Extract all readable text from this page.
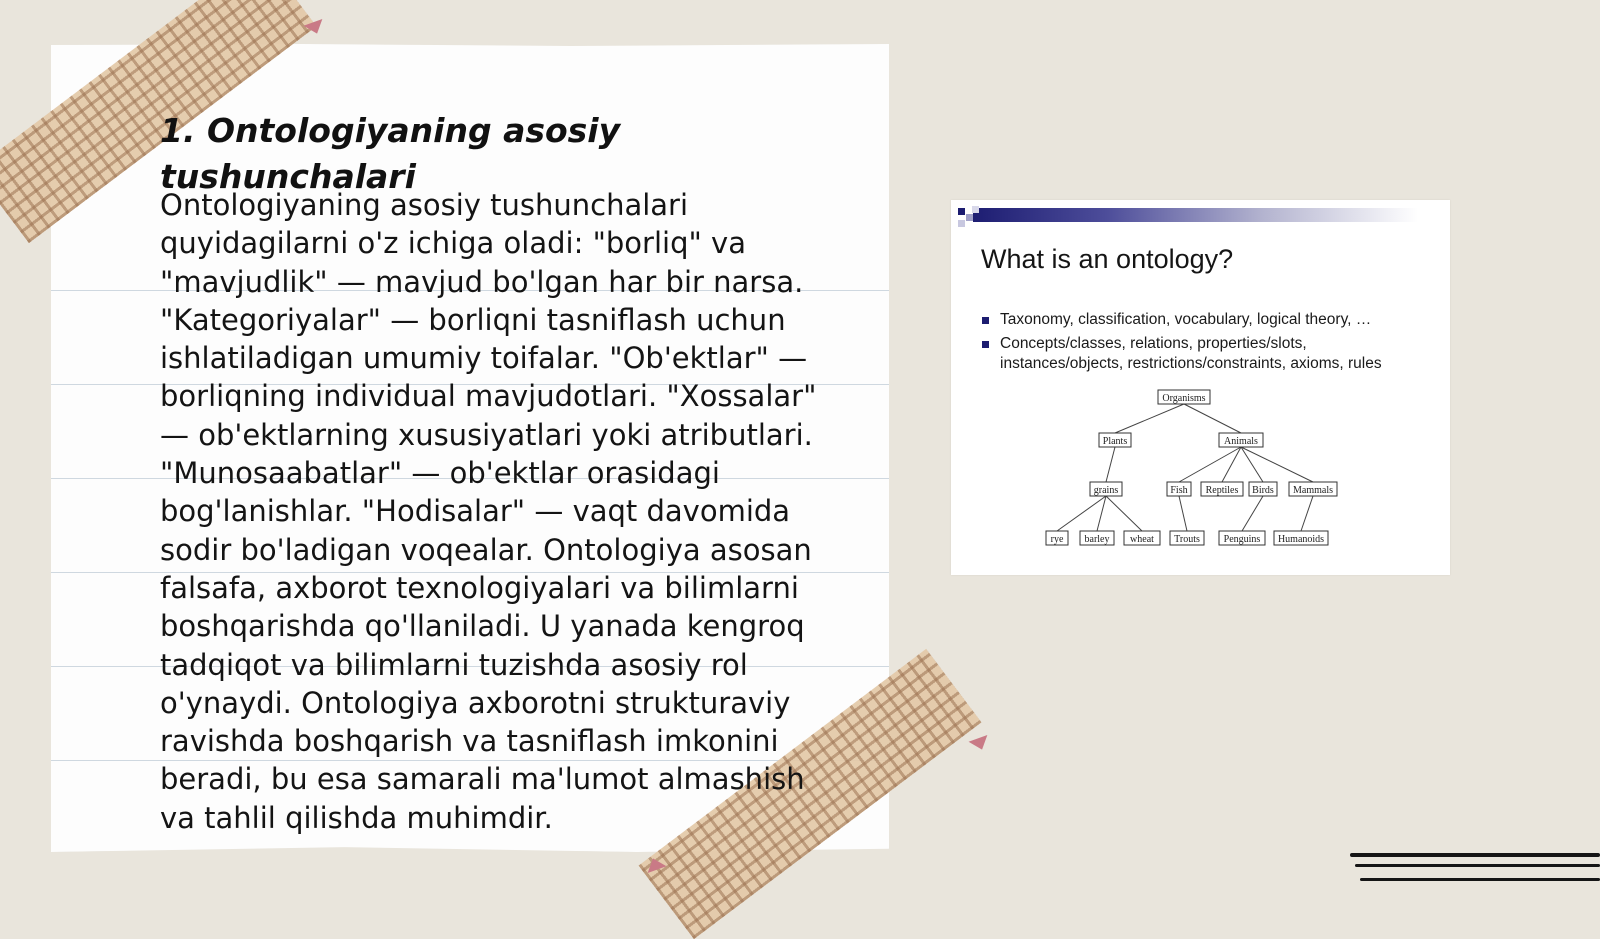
1. Ontologiyaning asosiy tushunchalari

Ontologiyaning asosiy tushunchalari
quyidagilarni o'z ichiga oladi: "borliq" va
"mavjudlik" — mavjud bo'lgan har bir narsa.
"Kategoriyalar" — borliqni tasniflash uchun
ishlatiladigan umumiy toifalar. "Ob'ektlar" —
borliqning individual mavjudotlari. "Xossalar"
— ob'ektlarning xususiyatlari yoki atributlari.
"Munosaabatlar" — ob'ektlar orasidagi
bog'lanishlar. "Hodisalar" — vaqt davomida
sodir bo'ladigan voqealar. Ontologiya asosan
falsafa, axborot texnologiyalari va bilimlarni
boshqarishda qo'llaniladi. U yanada kengroq
tadqiqot va bilimlarni tuzishda asosiy rol
o'ynaydi. Ontologiya axborotni strukturaviy
ravishda boshqarish va tasniflash imkonini
beradi, bu esa samarali ma'lumot almashish
va tahlil qilishda muhimdir.

What is an ontology?
Taxonomy, classification, vocabulary, logical theory, …
Concepts/classes, relations, properties/slots,
instances/objects, restrictions/constraints, axioms, rules
Organisms
Plants	Animals
grains	Fish Reptiles Birds Mammals
rye barley wheat Trouts Penguins Humanoids
